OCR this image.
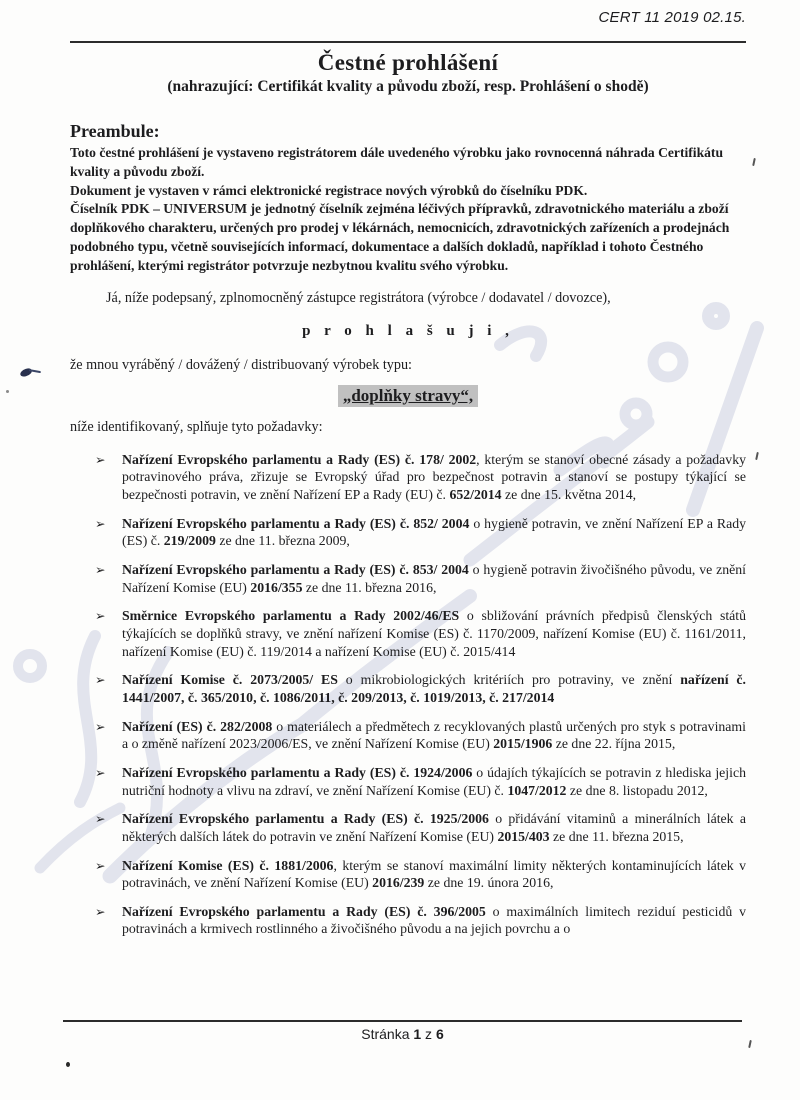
CERT 11 2019 02.15.
Čestné prohlášení
(nahrazující: Certifikát kvality a původu zboží, resp. Prohlášení o shodě)
Preambule:

Toto čestné prohlášení je vystaveno registrátorem dále uvedeného výrobku jako rovnocenná náhrada Certifikátu kvality a původu zboží.

Dokument je vystaven v rámci elektronické registrace nových výrobků do číselníku PDK.

Číselník PDK – UNIVERSUM je jednotný číselník zejména léčivých přípravků, zdravotnického materiálu a zboží doplňkového charakteru, určených pro prodej v lékárnách, nemocnicích, zdravotnických zařízeních a prodejnách podobného typu, včetně souvisejících informací, dokumentace a dalších dokladů, například i tohoto Čestného prohlášení, kterými registrátor potvrzuje nezbytnou kvalitu svého výrobku.

Já, níže podepsaný, zplnomocněný zástupce registrátora (výrobce / dodavatel / dovozce),

p r o h l a š u j i ,

že mnou vyráběný / dovážený / distribuovaný výrobek typu:

„doplňky stravy“,

níže identifikovaný, splňuje tyto požadavky:

➢	Nařízení Evropského parlamentu a Rady (ES) č. 178/ 2002, kterým se stanoví obecné zásady a požadavky potravinového práva, zřizuje se Evropský úřad pro bezpečnost potravin a stanoví se postupy týkající se bezpečnosti potravin, ve znění Nařízení EP a Rady (EU) č. 652/2014 ze dne 15. května 2014,
➢	Nařízení Evropského parlamentu a Rady (ES) č. 852/ 2004 o hygieně potravin, ve znění Nařízení EP a Rady (ES) č. 219/2009 ze dne 11. března 2009,
➢	Nařízení Evropského parlamentu a Rady (ES) č. 853/ 2004 o hygieně potravin živočišného původu, ve znění Nařízení Komise (EU) 2016/355 ze dne 11. března 2016,
➢	Směrnice Evropského parlamentu a Rady 2002/46/ES o sbližování právních předpisů členských států týkajících se doplňků stravy, ve znění nařízení Komise (ES) č. 1170/2009, nařízení Komise (EU) č. 1161/2011, nařízení Komise (EU) č. 119/2014 a nařízení Komise (EU) č. 2015/414
➢	Nařízení Komise č. 2073/2005/ ES o mikrobiologických kritériích pro potraviny, ve znění nařízení č. 1441/2007, č. 365/2010, č. 1086/2011, č. 209/2013, č. 1019/2013, č. 217/2014
➢	Nařízení (ES) č. 282/2008 o materiálech a předmětech z recyklovaných plastů určených pro styk s potravinami a o změně nařízení 2023/2006/ES, ve znění Nařízení Komise (EU) 2015/1906 ze dne 22. října 2015,
➢	Nařízení Evropského parlamentu a Rady (ES) č. 1924/2006 o údajích týkajících se potravin z hlediska jejich nutriční hodnoty a vlivu na zdraví, ve znění Nařízení Komise (EU) č. 1047/2012 ze dne 8. listopadu 2012,
➢	Nařízení Evropského parlamentu a Rady (ES) č. 1925/2006 o přidávání vitaminů a minerálních látek a některých dalších látek do potravin ve znění Nařízení Komise (EU) 2015/403 ze dne 11. března 2015,
➢	Nařízení Komise (ES) č. 1881/2006, kterým se stanoví maximální limity některých kontaminujících látek v potravinách, ve znění Nařízení Komise (EU) 2016/239 ze dne 19. února 2016,
➢	Nařízení Evropského parlamentu a Rady (ES) č. 396/2005 o maximálních limitech reziduí pesticidů v potravinách a krmivech rostlinného a živočišného původu a na jejich povrchu a o
Stránka 1 z 6
